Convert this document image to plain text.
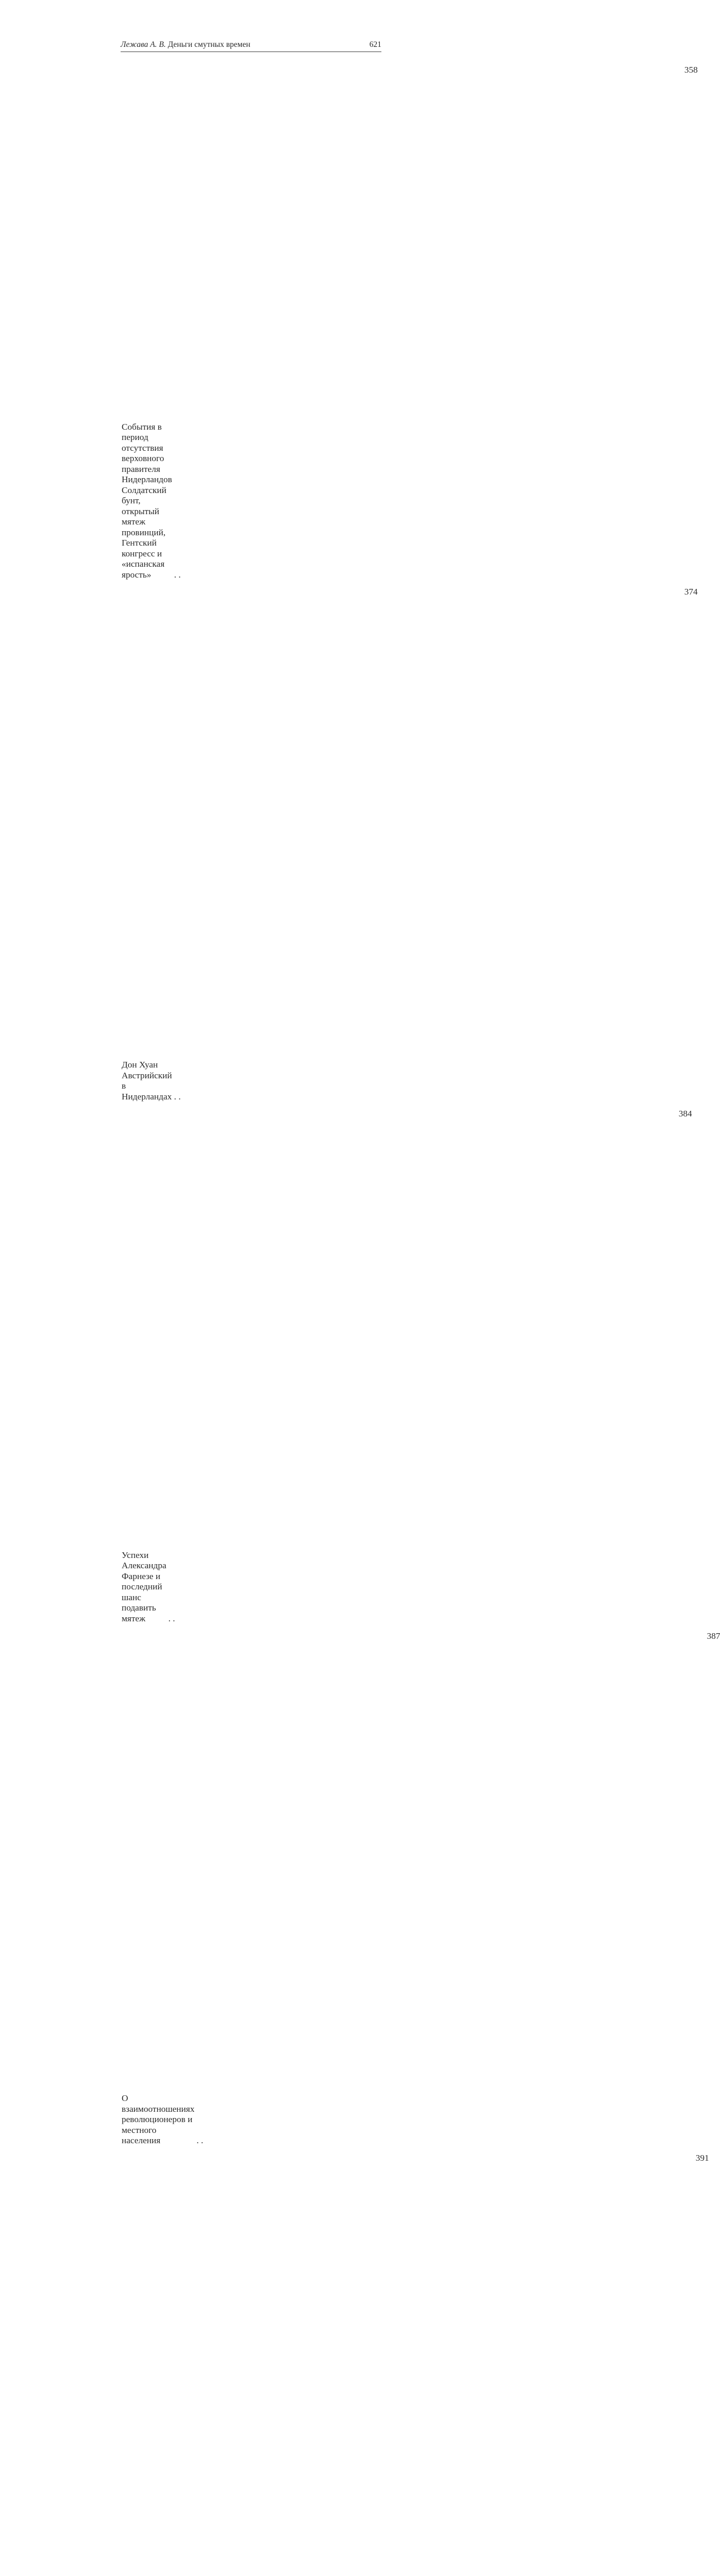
Лежава А. В. Деньги смутных времен	621
События в период отсутствия верховного правителя
Нидерландов Солдатский бунт, открытый мятеж
провинций, Гентский конгресс и «испанская ярость»
. . .
358
Дон Хуан Австрийский в Нидерландах
. . .
374
Успехи Александра Фарнезе и последний шанс подавить
мятеж
. . .
384
О взаимоотношениях революционеров и местного
населения
. . .
387
391
